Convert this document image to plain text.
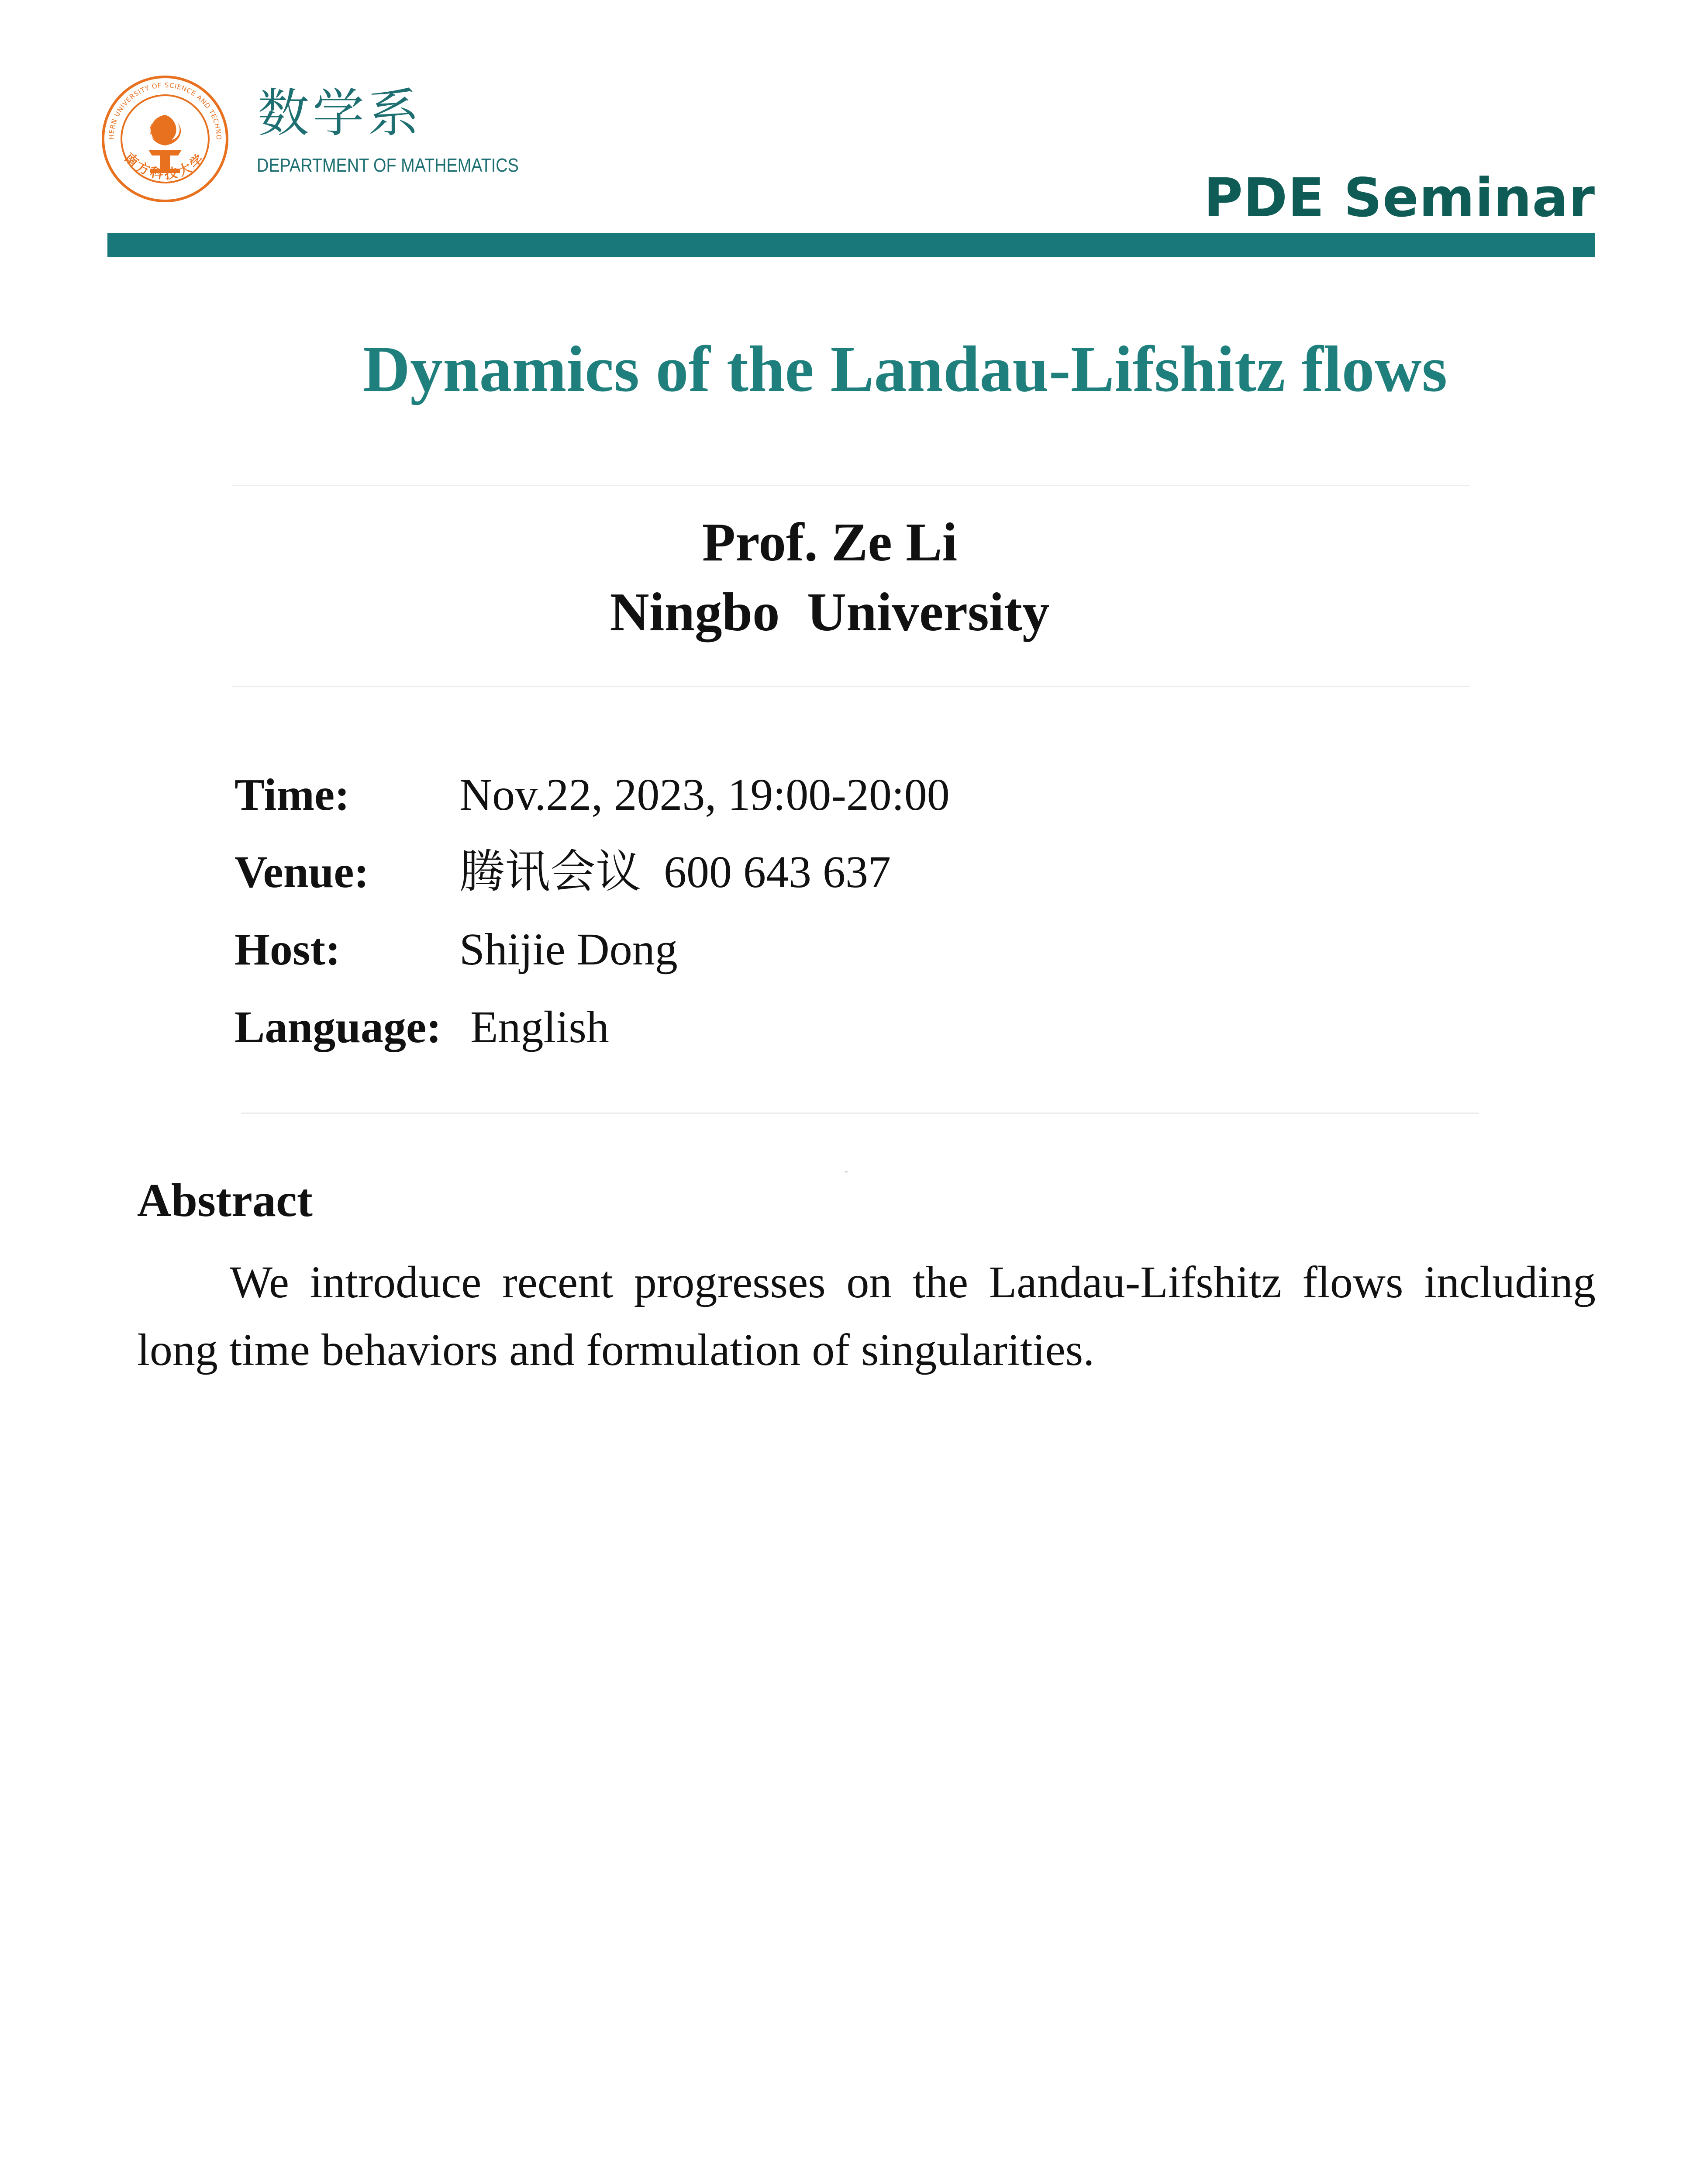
HERN UNIVERSITY OF SCIENCE AND TECHNO
南方科技大学
数学系
DEPARTMENT OF MATHEMATICS
PDE Seminar
Dynamics of the Landau-Lifshitz flows
Prof. Ze Li
Ningbo  University
Time: Nov.22, 2023, 19:00-20:00
Venue: 腾讯会议  600 643 637
Host:	Shijie Dong
Language: English
″
Abstract

We introduce recent progresses on the Landau-Lifshitz flows including long time behaviors and formulation of singularities.
